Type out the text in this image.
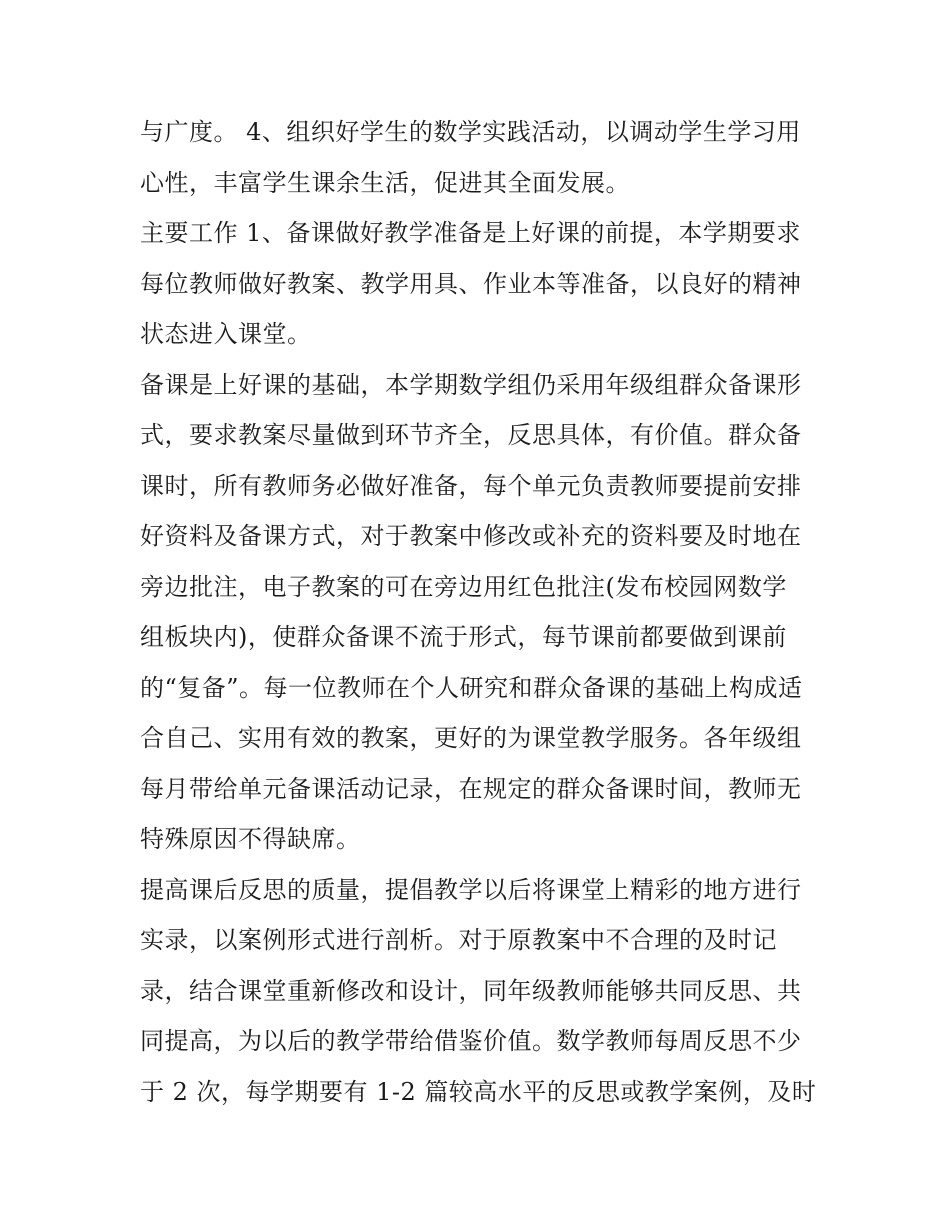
与广度。 4、组织好学生的数学实践活动，以调动学生学习用
心性，丰富学生课余生活，促进其全面发展。

主要工作 1、备课做好教学准备是上好课的前提，本学期要求
每位教师做好教案、教学用具、作业本等准备，以良好的精神
状态进入课堂。

备课是上好课的基础，本学期数学组仍采用年级组群众备课形
式，要求教案尽量做到环节齐全，反思具体，有价值。群众备
课时，所有教师务必做好准备，每个单元负责教师要提前安排
好资料及备课方式，对于教案中修改或补充的资料要及时地在
旁边批注，电子教案的可在旁边用红色批注(发布校园网数学
组板块内)，使群众备课不流于形式，每节课前都要做到课前
的“复备”。每一位教师在个人研究和群众备课的基础上构成适
合自己、实用有效的教案，更好的为课堂教学服务。各年级组
每月带给单元备课活动记录，在规定的群众备课时间，教师无
特殊原因不得缺席。

提高课后反思的质量，提倡教学以后将课堂上精彩的地方进行
实录，以案例形式进行剖析。对于原教案中不合理的及时记
录，结合课堂重新修改和设计，同年级教师能够共同反思、共
同提高，为以后的教学带给借鉴价值。数学教师每周反思不少
于 2 次，每学期要有 1-2 篇较高水平的反思或教学案例，及时
